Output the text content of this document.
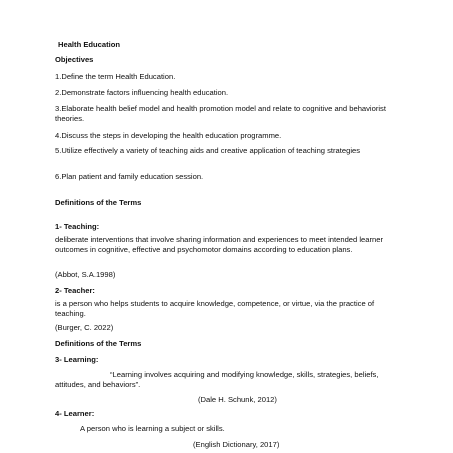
Health Education
Objectives
1.Define the term Health Education.
2.Demonstrate factors influencing health education.
3.Elaborate health belief model and health promotion model and relate to cognitive and behaviorist theories.
4.Discuss the steps in developing the health education programme.
5.Utilize effectively a variety of teaching aids and creative application of teaching strategies
6.Plan patient and family education session.
Definitions of the Terms
1- Teaching:
deliberate interventions that involve sharing information and experiences to meet intended learner outcomes in cognitive, effective and psychomotor domains according to education plans.
(Abbot, S.A.1998)
2- Teacher:
is a person who helps students to acquire knowledge, competence, or virtue, via the practice of teaching.
(Burger, C. 2022)
Definitions of the Terms
3- Learning:
“Learning involves acquiring and modifying knowledge, skills, strategies, beliefs, attitudes, and behaviors”.
(Dale H. Schunk, 2012)
4- Learner:
A person who is learning a subject or skills.
(English Dictionary, 2017)
